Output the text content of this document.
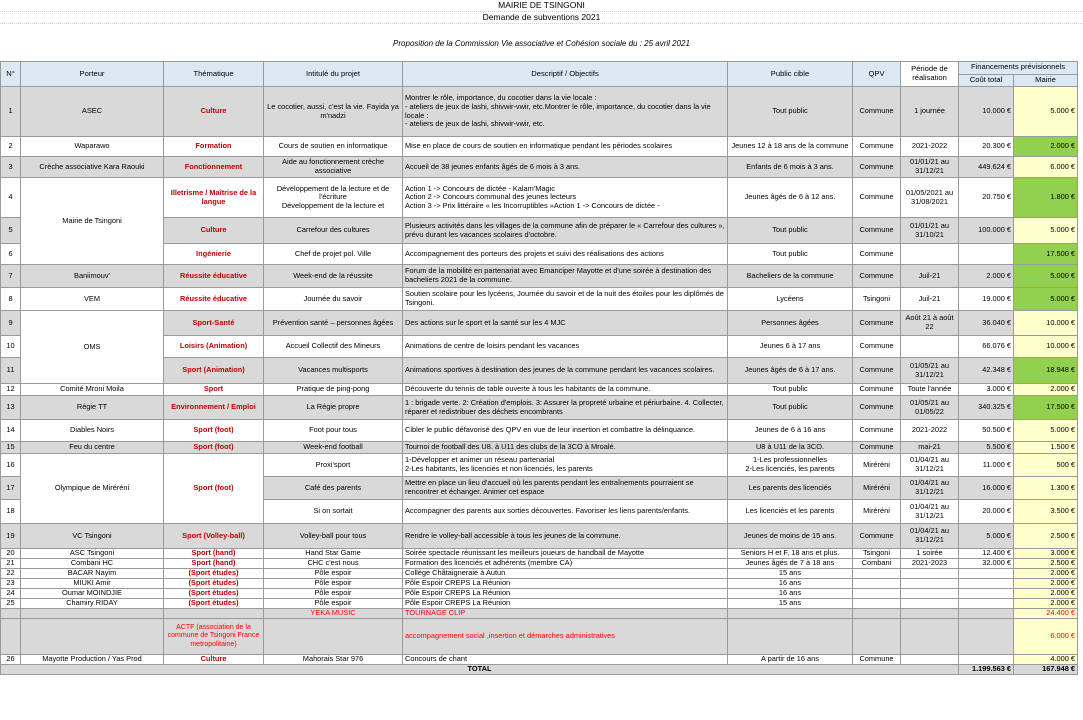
MAIRIE DE TSINGONI
Demande de subventions 2021
Proposition de la Commission Vie associative et Cohésion sociale du : 25 avril 2021
N°	Porteur	Thématique	Intitulé du projet	Descriptif / Objectifs	Public cible	QPV	Période de réalisation	Financements prévisionnels	
								Coût total	Mairie
1	ASEC	Culture	Le cocotier, aussi, c'est la vie. Fayida ya m'nadzi	Montrer le rôle, importance, du cocotier dans la vie locale :
- ateliers de jeux de lashi, shivwir-vwir, etc.Montrer le rôle, importance, du cocotier dans la vie locale :
- ateliers de jeux de lashi, shivwir-vwir, etc.	Tout public	Commune	1 journée	10.000 €	5.000 €
2	Waparawo	Formation	Cours de soutien en informatique	Mise en place de cours de soutien en informatique pendant les périodes scolaires	Jeunes 12 à 18 ans de la commune	Commune	2021-2022	20.300 €	2.000 €
3	Crèche associative Kara Raouki	Fonctionnement	Aide au fonctionnement crèche associative	Accueil de 38 jeunes enfants âgés de 6 mois à 3 ans.	Enfants de 6 mois à 3 ans.	Commune	01/01/21 au 31/12/21	449.624 €	6.000 €
4	Mairie de Tsingoni	Illetrisme / Maîtrise de la langue	Développement de la lecture et de l'écriture
Développement de la lecture et	Action 1 -> Concours de dictée - Kalam'Magic
Action 2 -> Concours communal des jeunes lecteurs
Action 3 -> Prix littéraire « les Incorruptibles »Action 1 -> Concours de dictée -	Jeunes âgés de 6 à 12 ans.	Commune	01/05/2021 au 31/08/2021	20.750 €	1.800 €
5		Culture	Carrefour des cultures	Plusieurs activités dans les villages de la commune afin de préparer le « Carrefour des cultures », prévu durant les vacances scolaires d'octobre.	Tout public	Commune	01/01/21 au 31/10/21	100.000 €	5.000 €
6		Ingénierie	Chef de projet pol. Ville	Accompagnement des porteurs des projets et suivi des réalisations des actions	Tout public	Commune			17.500 €
7	Baniimouv'	Réussite éducative	Week-end de la réussite	Forum de la mobilité en partenariat avec Emanciper Mayotte et d'une soirée à destination des bacheliers 2021 de la commune.	Bacheliers de la commune	Commune	Juil-21	2.000 €	5.000 €
8	VEM	Réussite éducative	Journée du savoir	Soutien scolaire pour les lycéens, Journée du savoir et de la nuit des étoiles pour les diplômés de Tsingoni.	Lycéens	Tsingoni	Juil-21	19.000 €	5.000 €
9	OMS	Sport-Santé	Prévention santé – personnes âgées	Des actions sur le sport et la santé sur les 4 MJC	Personnes âgées	Commune	Août 21 à août 22	36.040 €	10.000 €
10		Loisirs (Animation)	Accueil Collectif des Mineurs	Animations de centre de loisirs pendant les vacances	Jeunes 6 à 17 ans	Commune		66.076 €	10.000 €
11		Sport (Animation)	Vacances multisports	Animations sportives à destination des jeunes de la commune pendant les vacances scolaires.	Jeunes âgés de 6 à 17 ans.	Commune	01/05/21 au 31/12/21	42.348 €	18.948 €
12	Comité Mroni Moila	Sport	Pratique de ping-pong	Découverte du tennis de table ouverte à tous les habitants de la commune.	Tout public	Commune	Toute l'année	3.000 €	2.000 €
13	Régie TT	Environnement / Emploi	La Régie propre	1 : brigade verte. 2: Création d'emplois. 3: Assurer la propreté urbaine et périurbaine. 4. Collecter, réparer et redistribuer des déchets encombrants	Tout public	Commune	01/05/21 au 01/05/22	340.325 €	17.500 €
14	Diables Noirs	Sport (foot)	Foot pour tous	Cibler le public défavorisé des QPV en vue de leur insertion et combattre la délinquance.	Jeunes de 6 à 16 ans	Commune	2021-2022	50.500 €	5.000 €
15	Feu du centre	Sport (foot)	Week-end football	Tournoi de football des U8. à U11 des clubs de la 3CO à Mroalé.	U8 à U11 de la 3CO.	Commune	mai-21	5.500 €	1.500 €
16	Olympique de Miréréni	Sport (foot)	Proxi'sport	1-Développer et animer un réseau partenarial
2-Les habitants, les licenciés et non licenciés, les parents	1-Les professionnelles
2-Les licenciés, les parents	Miréréni	01/04/21 au 31/12/21	11.000 €	500 €
17			Café des parents	Mettre en place un lieu d'accueil où les parents pendant les entraînements pourraient se rencontrer et échanger. Animer cet espace	Les parents des licenciés	Miréréni	01/04/21 au 31/12/21	16.000 €	1.300 €
18			Si on sortait	Accompagner des parents aux sorties découvertes. Favoriser les liens parents/enfants.	Les licenciés et les parents	Miréréni	01/04/21 au 31/12/21	20.000 €	3.500 €
19	VC Tsingoni	Sport (Volley-ball)	Volley-ball pour tous	Rendre le volley-ball accessible à tous les jeunes de la commune.	Jeunes de moins de 15 ans.	Commune	01/04/21 au 31/12/21	5.000 €	2.500 €
20	ASC Tsingoni	Sport (hand)	Hand Star Game	Soirée spectacle réunissant les meilleurs joueurs de handball de Mayotte	Seniors H et F, 18 ans et plus.	Tsingoni	1 soirée	12.400 €	3.000 €
21	Combani HC	Sport (hand)	CHC c'est nous	Formation des licenciés et adhérents (membre CA)	Jeunes âgés de 7 à 18 ans	Combani	2021-2023	32.000 €	2.500 €
22	BACAR Nayim	(Sport études)	Pôle espoir	Collège Châtaigneraie à Autun	15 ans				2.000 €
23	MIUKI Amir	(Sport études)	Pôle espoir	Pôle Espoir CREPS La Réunion	16 ans				2.000 €
24	Oumar MOINDJIE	(Sport études)	Pôle espoir	Pôle Espoir CREPS La Réunion	16 ans				2.000 €
25	Chamiry RIDAY	(Sport études)	Pôle espoir	Pôle Espoir CREPS La Réunion	15 ans				2.000 €
			YEKA MUSIC	TOURNAGE CLIP					24.400 €
		ACTF (association de la commune de Tsingoni France metropolitaine)		accompagnement social ,insertion et démarches administratives					6.000 €
26	Mayotte Production / Yas Prod	Culture	Mahorais Star 976	Concours de chant	A partir de 16 ans	Commune			4.000 €
TOTAL								1.199.563 €	167.948 €
